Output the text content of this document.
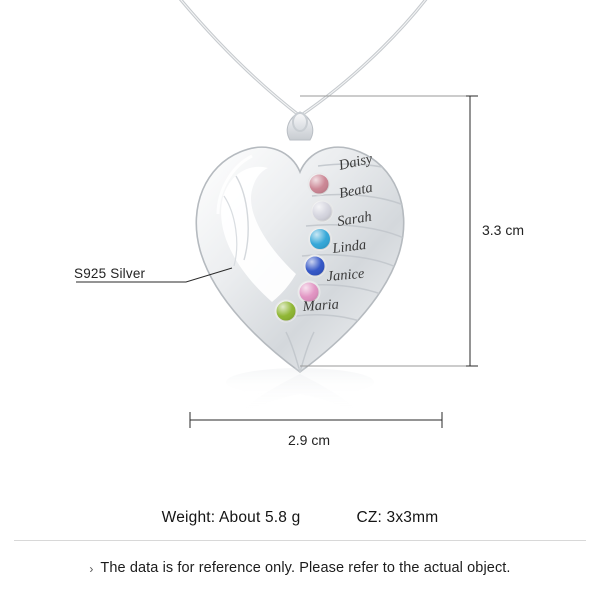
Daisy
Beata
Sarah
Linda
Janice
Maria
S925 Silver
3.3 cm
2.9 cm
Weight: About 5.8 g	CZ: 3x3mm
› The data is for reference only. Please refer to the actual object.
